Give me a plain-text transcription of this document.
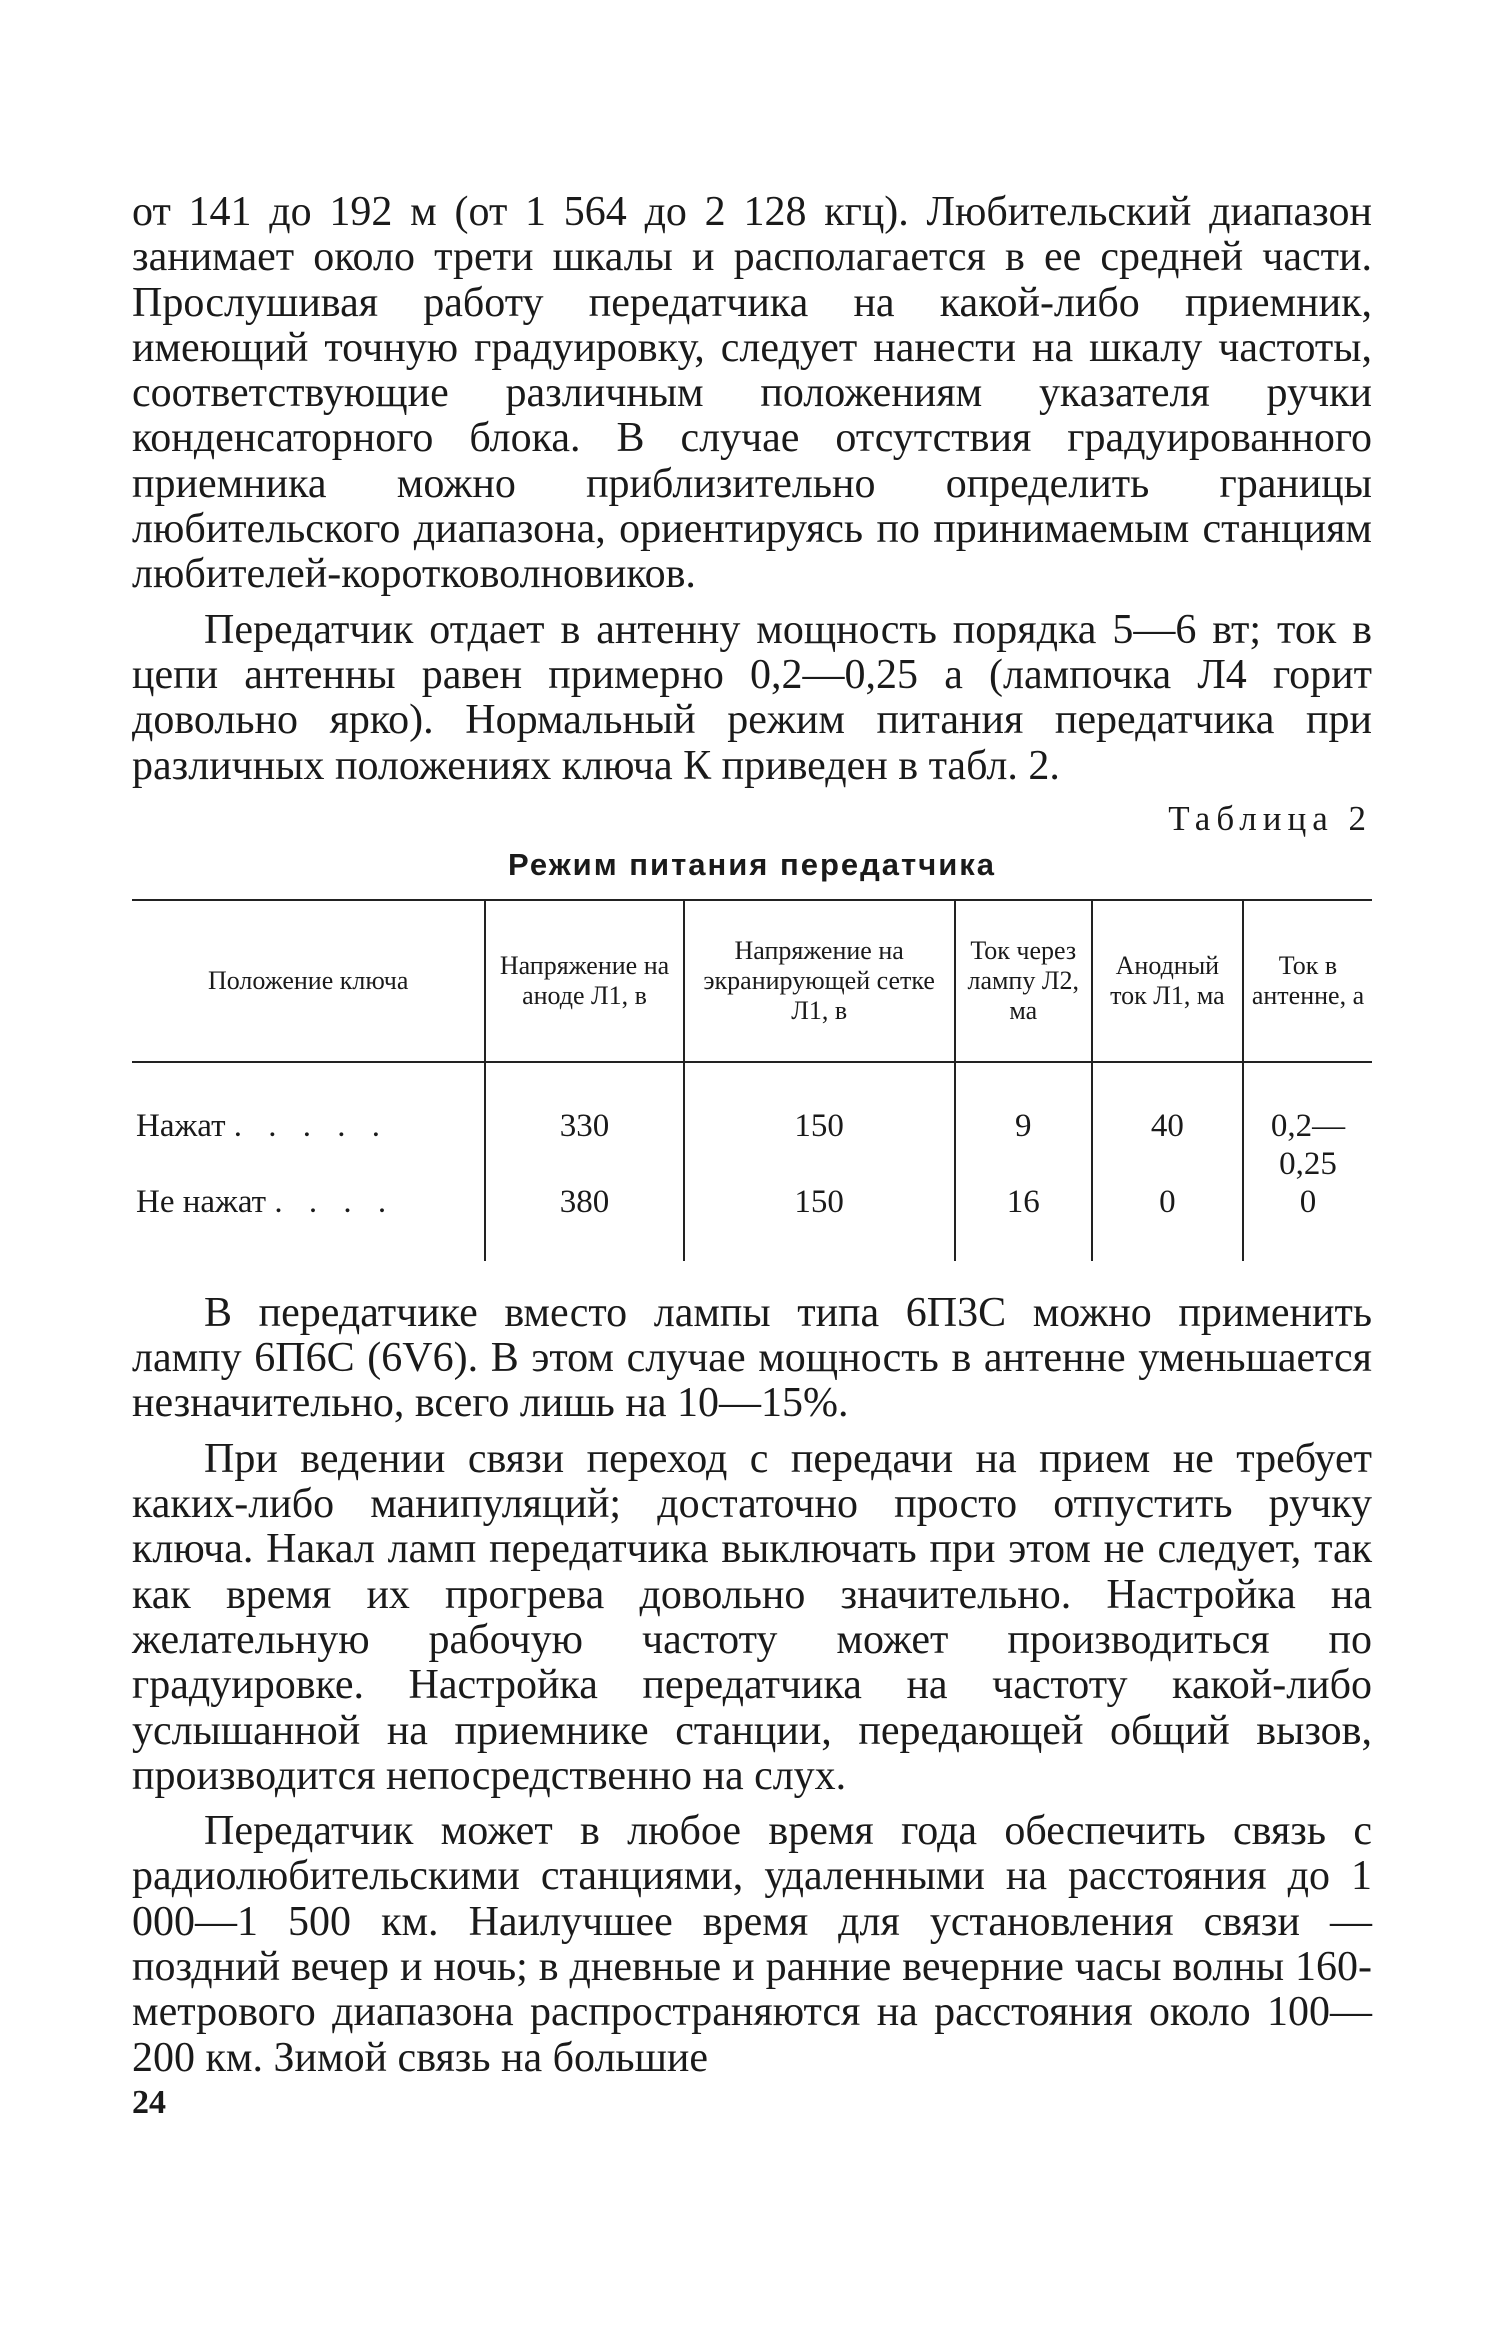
от 141 до 192 м (от 1 564 до 2 128 кгц). Любительский диапазон занимает около трети шкалы и располагается в ее средней части. Прослушивая работу передатчика на какой-либо приемник, имеющий точную градуировку, следует нанести на шкалу частоты, соответствующие различным положениям указателя ручки конденсаторного блока. В случае отсутствия градуированного приемника можно приблизительно определить границы любительского диапазона, ориентируясь по принимаемым станциям любителей-коротковолновиков.

Передатчик отдает в антенну мощность порядка 5—6 вт; ток в цепи антенны равен примерно 0,2—0,25 а (лампочка Л4 горит довольно ярко). Нормальный режим питания передатчика при различных положениях ключа К приведен в табл. 2.

Таблица 2
Режим питания передатчика
Положение ключа	Напряжение на аноде Л1, в	Напряжение на экранирующей сетке Л1, в	Ток через лампу Л2, ма	Анодный ток Л1, ма	Ток в антенне, а
Нажат . . . . .	330	150	9	40	0,2—0,25
Не нажат . . . .	380	150	16	0	0

В передатчике вместо лампы типа 6П3С можно применить лампу 6П6С (6V6). В этом случае мощность в антенне уменьшается незначительно, всего лишь на 10—15%.

При ведении связи переход с передачи на прием не требует каких-либо манипуляций; достаточно просто отпустить ручку ключа. Накал ламп передатчика выключать при этом не следует, так как время их прогрева довольно значительно. Настройка на желательную рабочую частоту может производиться по градуировке. Настройка передатчика на частоту какой-либо услышанной на приемнике станции, передающей общий вызов, производится непосредственно на слух.

Передатчик может в любое время года обеспечить связь с радиолюбительскими станциями, удаленными на расстояния до 1 000—1 500 км. Наилучшее время для установления связи — поздний вечер и ночь; в дневные и ранние вечерние часы волны 160-метрового диапазона распространяются на расстояния около 100—200 км. Зимой связь на большие

24
